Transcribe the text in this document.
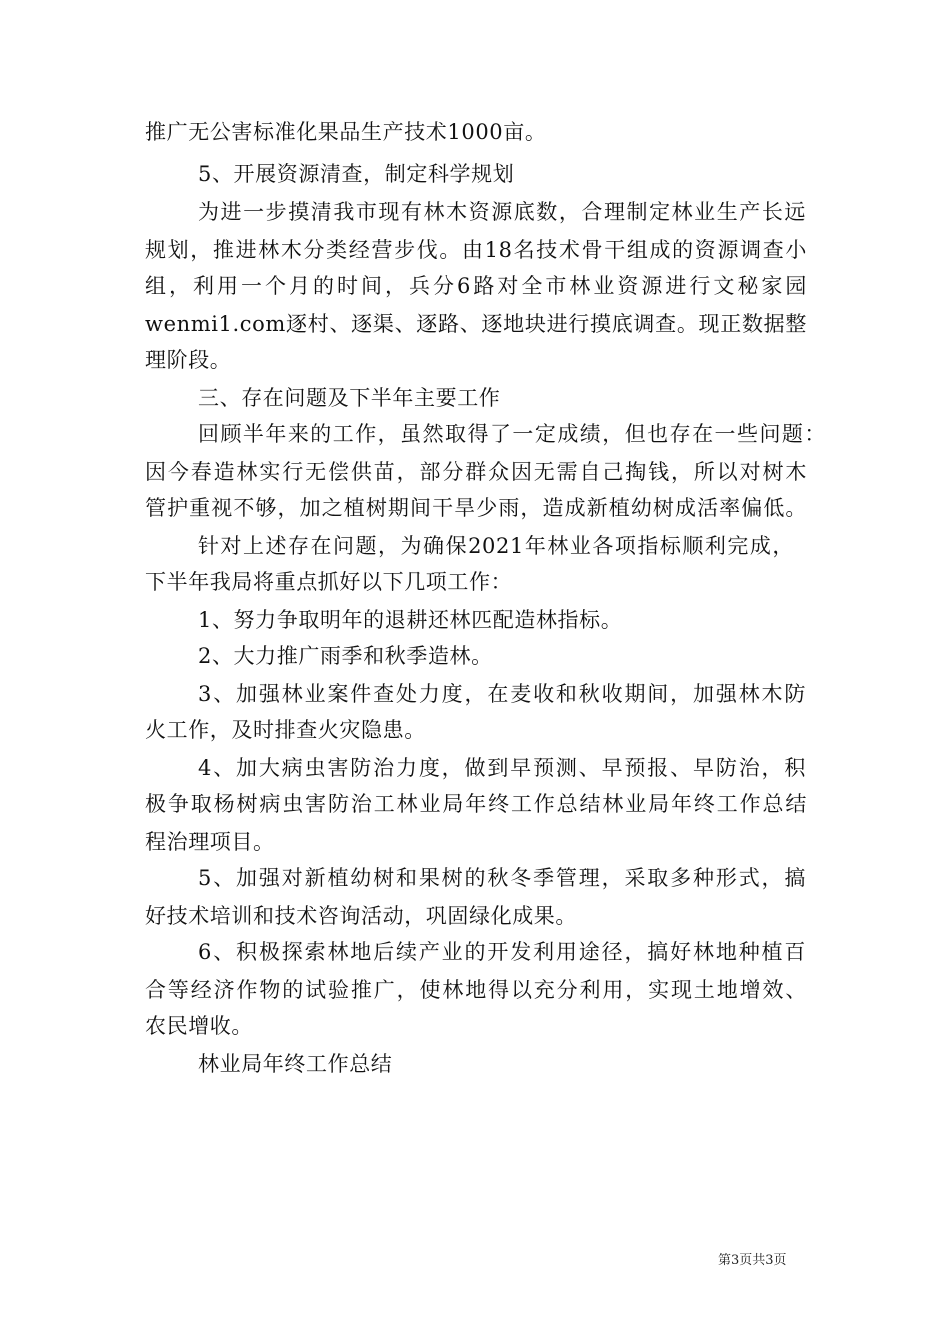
推广无公害标准化果品生产技术1000亩。
5、开展资源清查，制定科学规划
为进一步摸清我市现有林木资源底数，合理制定林业生产长远
规划，推进林木分类经营步伐。由18名技术骨干组成的资源调查小
组，利用一个月的时间，兵分6路对全市林业资源进行文秘家园
wenmi1.com逐村、逐渠、逐路、逐地块进行摸底调查。现正数据整
理阶段。
三、存在问题及下半年主要工作
回顾半年来的工作，虽然取得了一定成绩，但也存在一些问题：
因今春造林实行无偿供苗，部分群众因无需自己掏钱，所以对树木
管护重视不够，加之植树期间干旱少雨，造成新植幼树成活率偏低。
针对上述存在问题，为确保2021年林业各项指标顺利完成，
下半年我局将重点抓好以下几项工作：
1、努力争取明年的退耕还林匹配造林指标。
2、大力推广雨季和秋季造林。
3、加强林业案件查处力度，在麦收和秋收期间，加强林木防
火工作，及时排查火灾隐患。
4、加大病虫害防治力度，做到早预测、早预报、早防治，积
极争取杨树病虫害防治工林业局年终工作总结林业局年终工作总结
程治理项目。
5、加强对新植幼树和果树的秋冬季管理，采取多种形式，搞
好技术培训和技术咨询活动，巩固绿化成果。
6、积极探索林地后续产业的开发利用途径，搞好林地种植百
合等经济作物的试验推广，使林地得以充分利用，实现土地增效、
农民增收。
林业局年终工作总结
第3页共3页
